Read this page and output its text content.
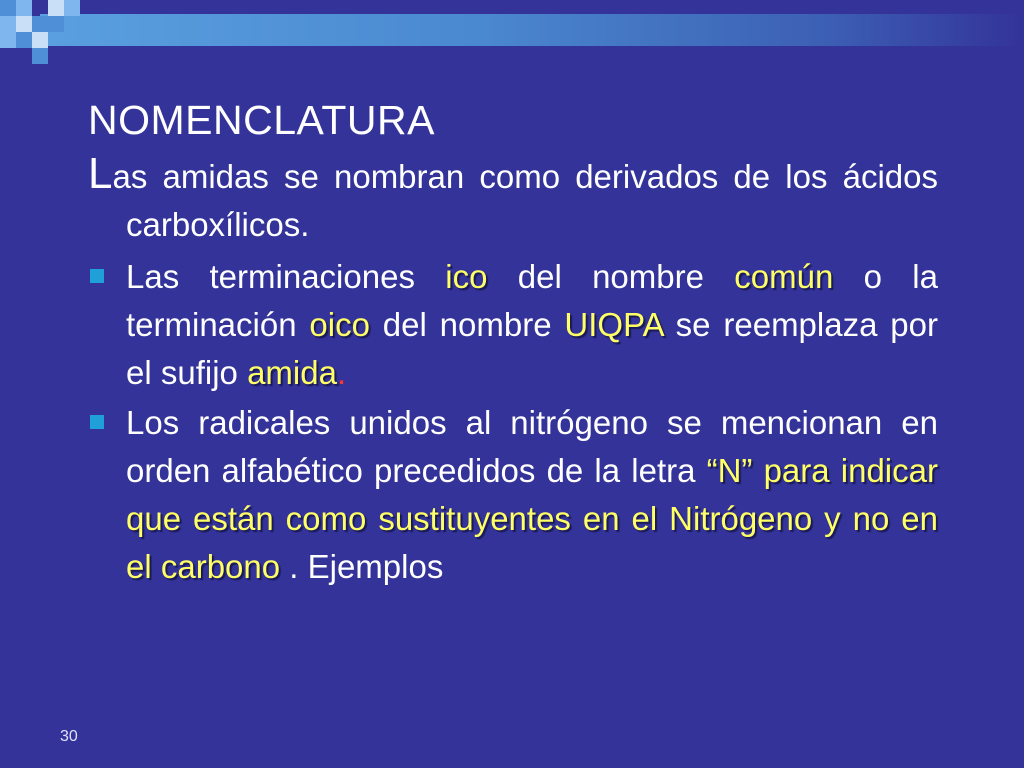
NOMENCLATURA

Las amidas se nombran como derivados de los ácidos carboxílicos.

Las terminaciones ico del nombre común o la terminación oico del nombre UIQPA se reemplaza por el sufijo amida.
Los radicales unidos al nitrógeno se mencionan en orden alfabético precedidos de la letra “N” para indicar que están como sustituyentes en el Nitrógeno y no en el carbono . Ejemplos
30
